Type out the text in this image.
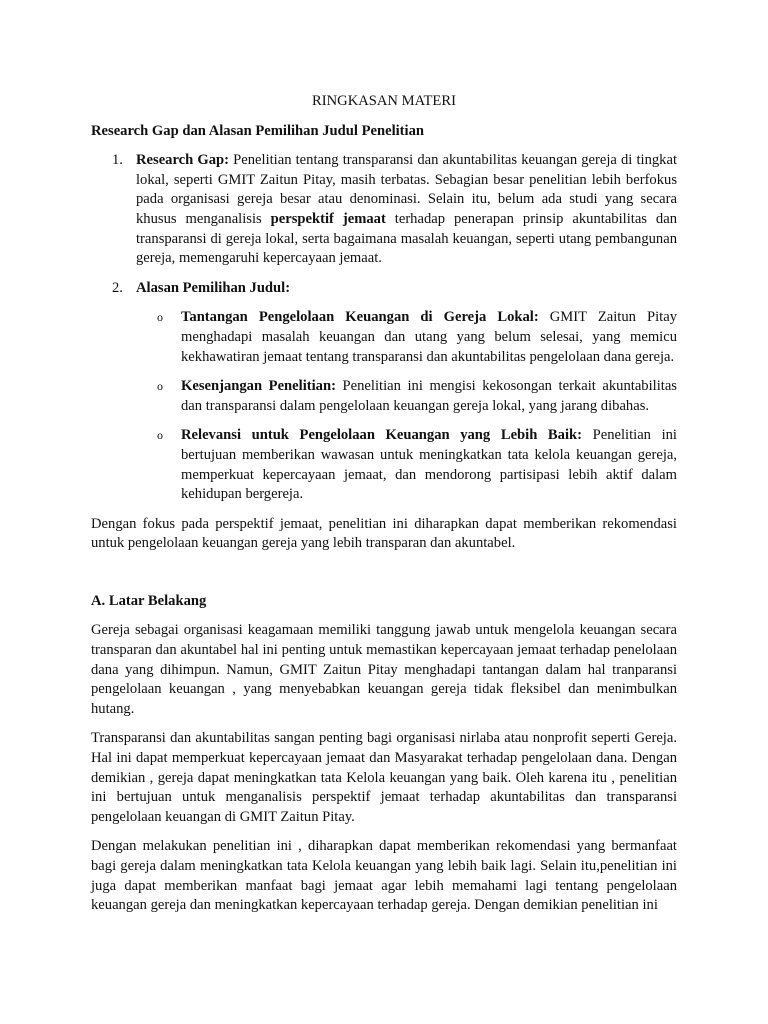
RINGKASAN MATERI

Research Gap dan Alasan Pemilihan Judul Penelitian

1. Research Gap: Penelitian tentang transparansi dan akuntabilitas keuangan gereja di tingkat lokal, seperti GMIT Zaitun Pitay, masih terbatas. Sebagian besar penelitian lebih berfokus pada organisasi gereja besar atau denominasi. Selain itu, belum ada studi yang secara khusus menganalisis perspektif jemaat terhadap penerapan prinsip akuntabilitas dan transparansi di gereja lokal, serta bagaimana masalah keuangan, seperti utang pembangunan gereja, memengaruhi kepercayaan jemaat.

2. Alasan Pemilihan Judul:

o Tantangan Pengelolaan Keuangan di Gereja Lokal: GMIT Zaitun Pitay menghadapi masalah keuangan dan utang yang belum selesai, yang memicu kekhawatiran jemaat tentang transparansi dan akuntabilitas pengelolaan dana gereja.

o Kesenjangan Penelitian: Penelitian ini mengisi kekosongan terkait akuntabilitas dan transparansi dalam pengelolaan keuangan gereja lokal, yang jarang dibahas.

o Relevansi untuk Pengelolaan Keuangan yang Lebih Baik: Penelitian ini bertujuan memberikan wawasan untuk meningkatkan tata kelola keuangan gereja, memperkuat kepercayaan jemaat, dan mendorong partisipasi lebih aktif dalam kehidupan bergereja.

Dengan fokus pada perspektif jemaat, penelitian ini diharapkan dapat memberikan rekomendasi untuk pengelolaan keuangan gereja yang lebih transparan dan akuntabel.

A. Latar Belakang

Gereja sebagai organisasi keagamaan memiliki tanggung jawab untuk mengelola keuangan secara transparan dan akuntabel hal ini penting untuk memastikan kepercayaan jemaat terhadap penelolaan dana yang dihimpun. Namun, GMIT Zaitun Pitay menghadapi tantangan dalam hal tranparansi pengelolaan keuangan , yang menyebabkan keuangan gereja tidak fleksibel dan menimbulkan hutang.

Transparansi dan akuntabilitas sangan penting bagi organisasi nirlaba atau nonprofit seperti Gereja. Hal ini dapat memperkuat kepercayaan jemaat dan Masyarakat terhadap pengelolaan dana. Dengan demikian , gereja dapat meningkatkan tata Kelola keuangan yang baik. Oleh karena itu , penelitian ini bertujuan untuk menganalisis perspektif jemaat terhadap akuntabilitas dan transparansi pengelolaan keuangan di GMIT Zaitun Pitay.

Dengan melakukan penelitian ini , diharapkan dapat memberikan rekomendasi yang bermanfaat bagi gereja dalam meningkatkan tata Kelola keuangan yang lebih baik lagi. Selain itu,penelitian ini juga dapat memberikan manfaat bagi jemaat agar lebih memahami lagi tentang pengelolaan keuangan gereja dan meningkatkan kepercayaan terhadap gereja. Dengan demikian penelitian ini
